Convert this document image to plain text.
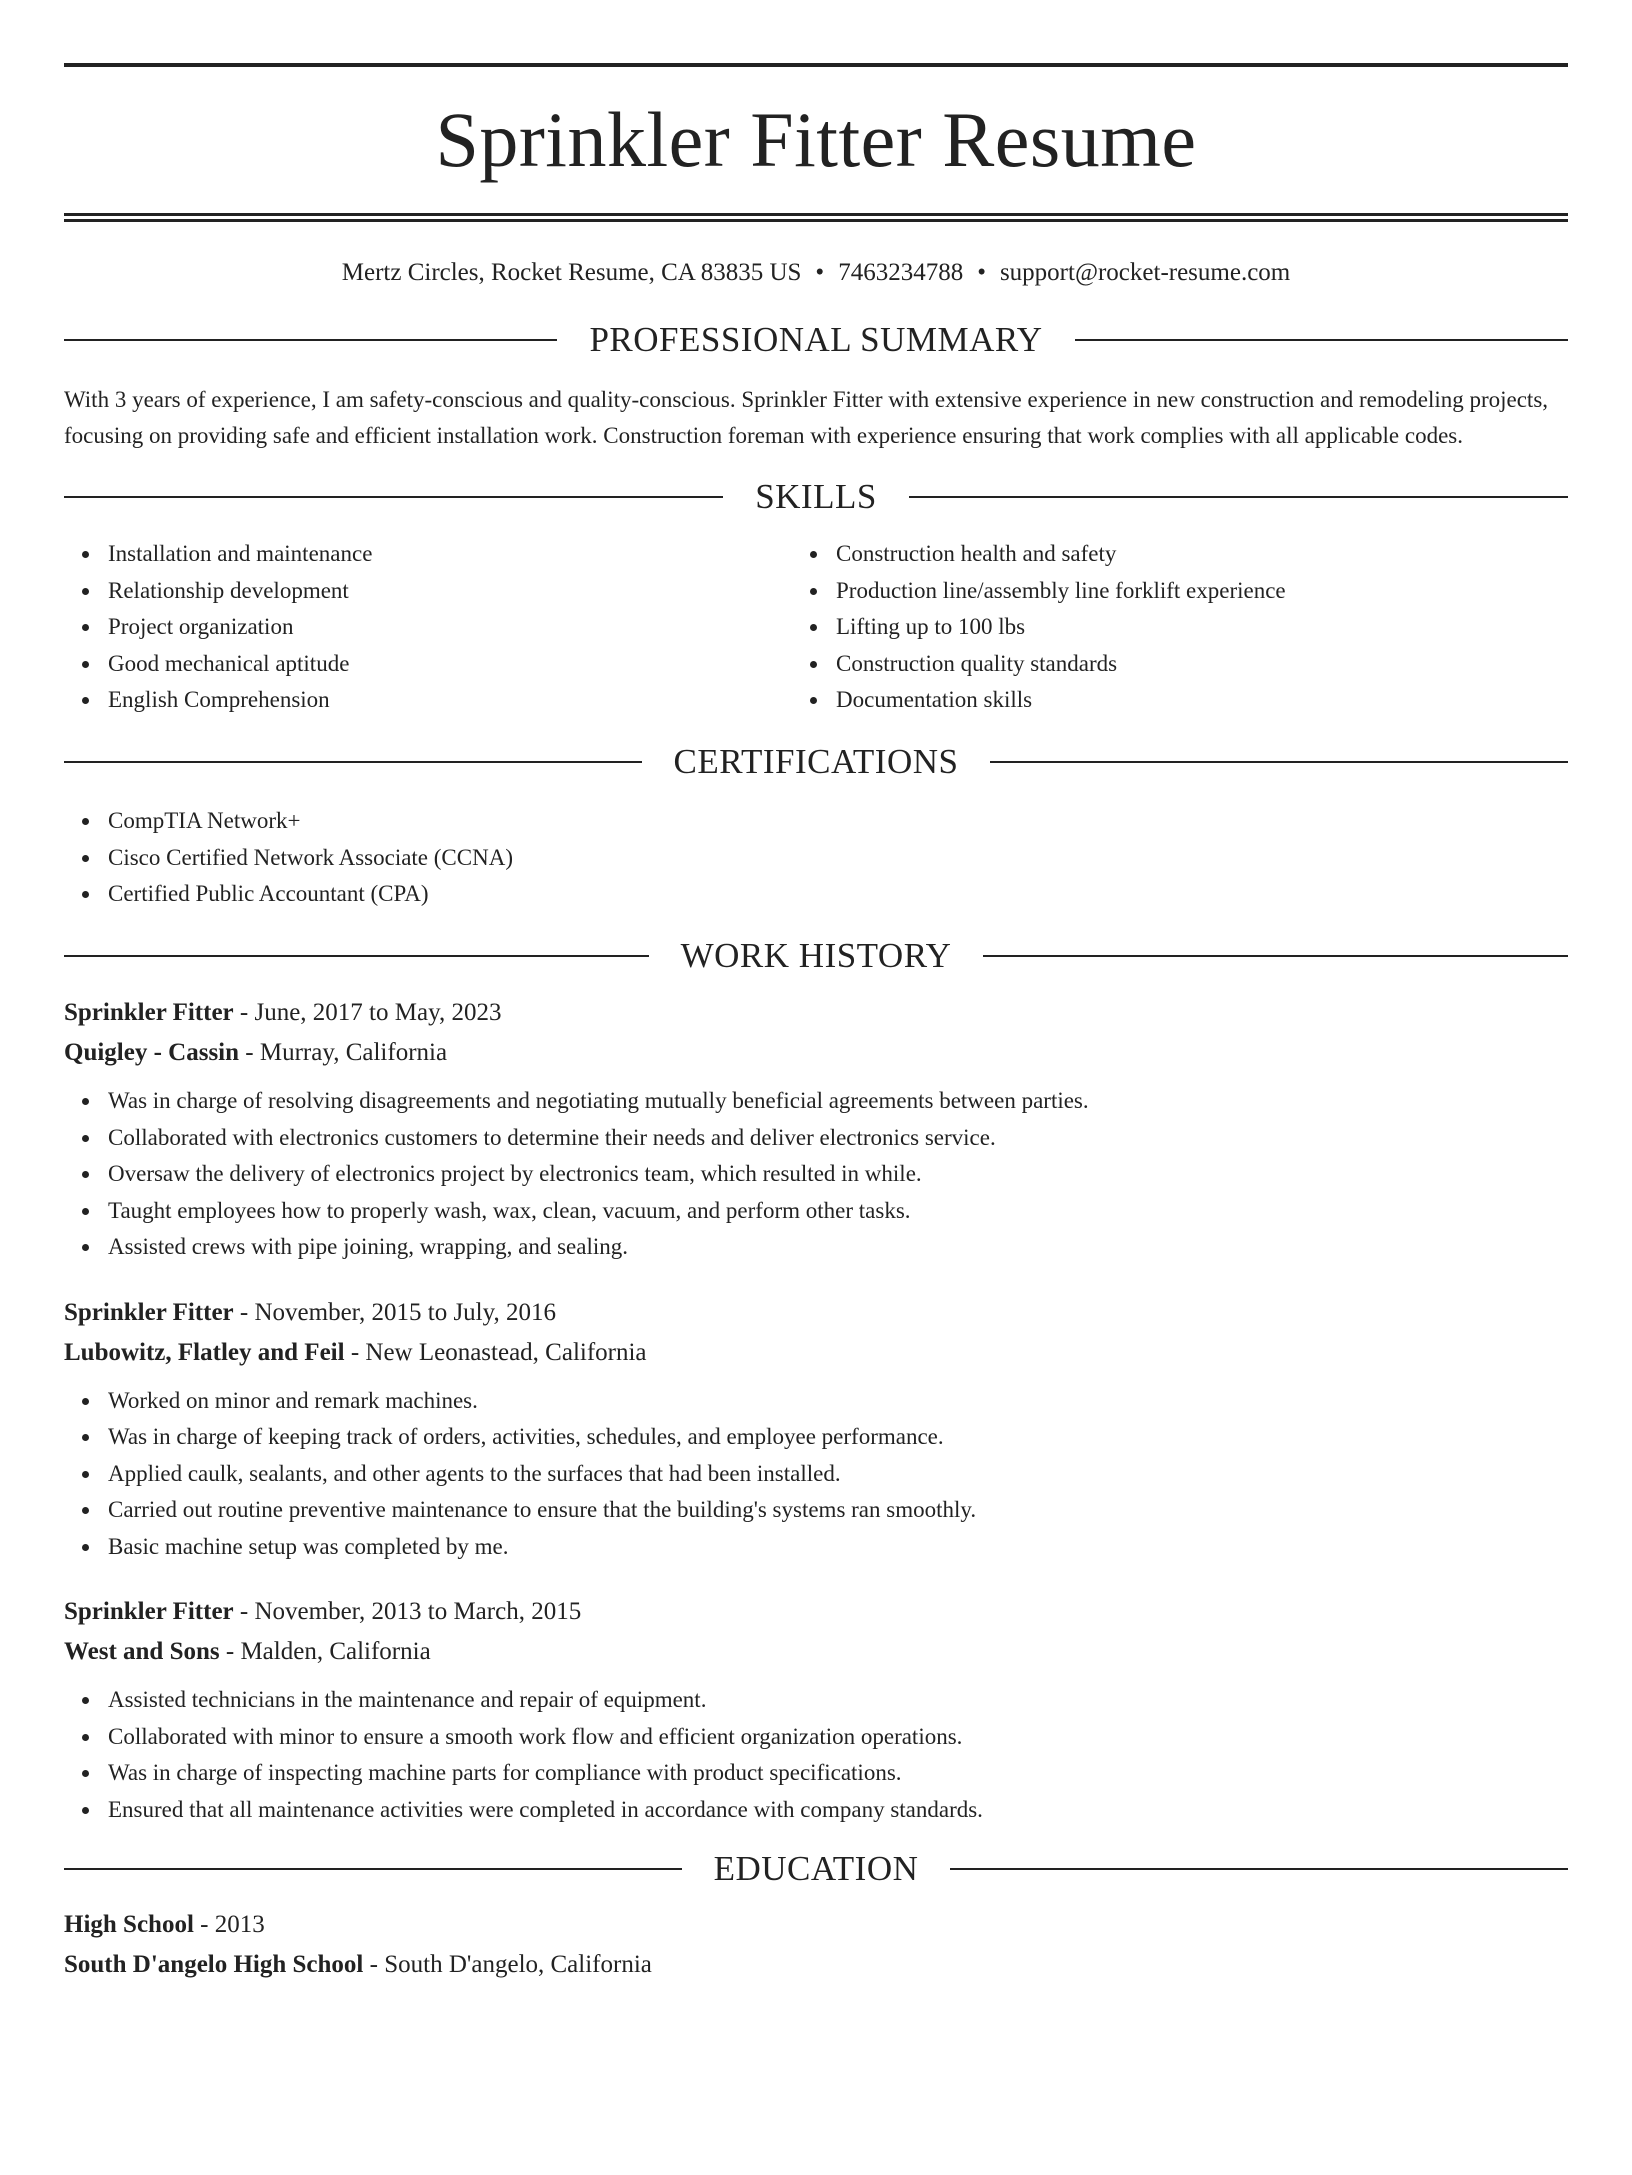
Sprinkler Fitter Resume
Mertz Circles, Rocket Resume, CA 83835 US • 7463234788 • support@rocket-resume.com
PROFESSIONAL SUMMARY
With 3 years of experience, I am safety-conscious and quality-conscious. Sprinkler Fitter with extensive experience in new construction and remodeling projects, focusing on providing safe and efficient installation work. Construction foreman with experience ensuring that work complies with all applicable codes.
SKILLS
Installation and maintenance
Relationship development
Project organization
Good mechanical aptitude
English Comprehension
Construction health and safety
Production line/assembly line forklift experience
Lifting up to 100 lbs
Construction quality standards
Documentation skills
CERTIFICATIONS
CompTIA Network+
Cisco Certified Network Associate (CCNA)
Certified Public Accountant (CPA)
WORK HISTORY
Sprinkler Fitter - June, 2017 to May, 2023
Quigley - Cassin - Murray, California
Was in charge of resolving disagreements and negotiating mutually beneficial agreements between parties.
Collaborated with electronics customers to determine their needs and deliver electronics service.
Oversaw the delivery of electronics project by electronics team, which resulted in while.
Taught employees how to properly wash, wax, clean, vacuum, and perform other tasks.
Assisted crews with pipe joining, wrapping, and sealing.
Sprinkler Fitter - November, 2015 to July, 2016
Lubowitz, Flatley and Feil - New Leonastead, California
Worked on minor and remark machines.
Was in charge of keeping track of orders, activities, schedules, and employee performance.
Applied caulk, sealants, and other agents to the surfaces that had been installed.
Carried out routine preventive maintenance to ensure that the building's systems ran smoothly.
Basic machine setup was completed by me.
Sprinkler Fitter - November, 2013 to March, 2015
West and Sons - Malden, California
Assisted technicians in the maintenance and repair of equipment.
Collaborated with minor to ensure a smooth work flow and efficient organization operations.
Was in charge of inspecting machine parts for compliance with product specifications.
Ensured that all maintenance activities were completed in accordance with company standards.
EDUCATION
High School - 2013
South D'angelo High School - South D'angelo, California
